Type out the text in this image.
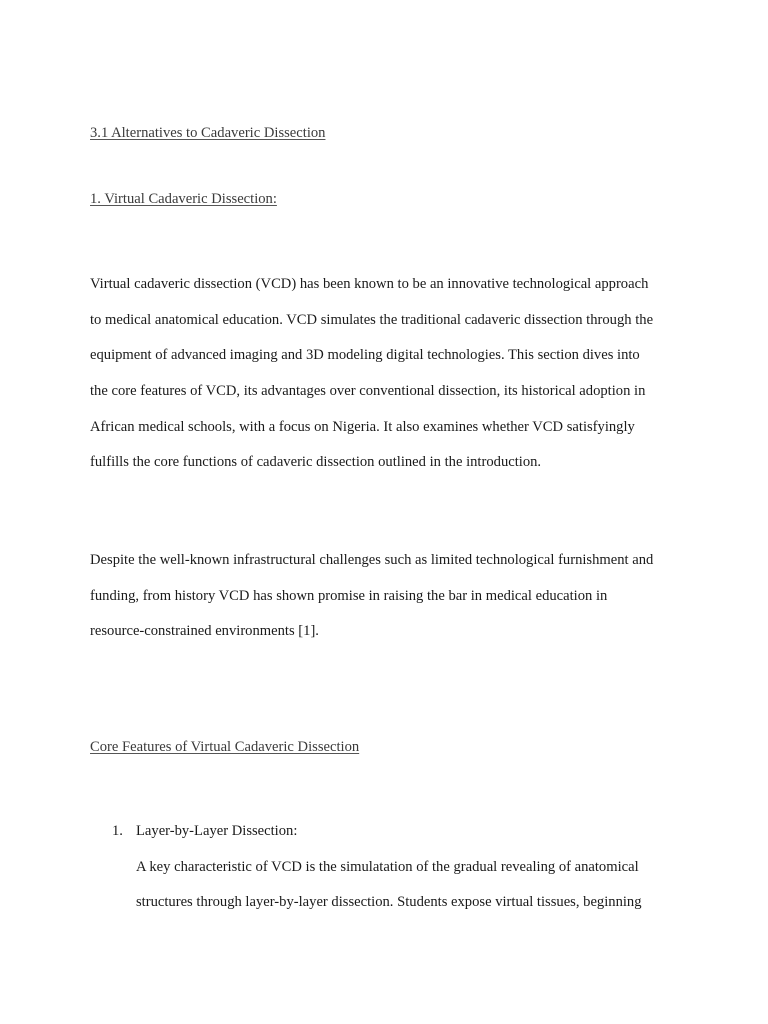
3.1 Alternatives to Cadaveric Dissection
1. Virtual Cadaveric Dissection:
Virtual cadaveric dissection (VCD) has been known to be an innovative technological approach
to medical anatomical education. VCD simulates the traditional cadaveric dissection through the
equipment of advanced imaging and 3D modeling digital technologies. This section dives into
the core features of VCD, its advantages over conventional dissection, its historical adoption in
African medical schools, with a focus on Nigeria. It also examines whether VCD satisfyingly
fulfills the core functions of cadaveric dissection outlined in the introduction.
Despite the well-known infrastructural challenges such as limited technological furnishment and
funding, from history VCD has shown promise in raising the bar in medical education in
resource-constrained environments [1].
Core Features of Virtual Cadaveric Dissection
1. Layer-by-Layer Dissection:
A key characteristic of VCD is the simulatation of the gradual revealing of anatomical
structures through layer-by-layer dissection. Students expose virtual tissues, beginning
